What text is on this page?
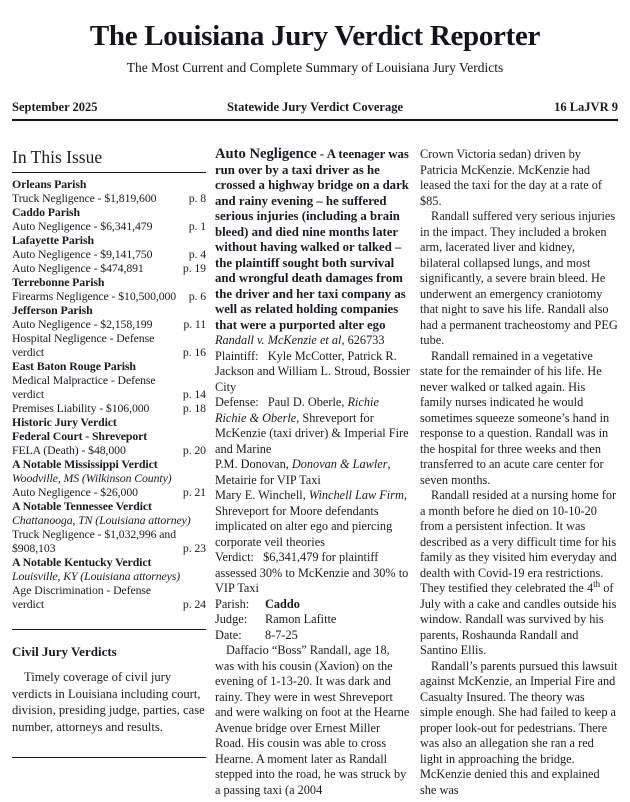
The Louisiana Jury Verdict Reporter

The Most Current and Complete Summary of Louisiana Jury Verdicts

September 2025	Statewide Jury Verdict Coverage	16 LaJVR 9
In This Issue
Orleans Parish
Truck Negligence - $1,819,600	p. 8
Caddo Parish
Auto Negligence - $6,341,479	p. 1
Lafayette Parish
Auto Negligence - $9,141,750	p. 4
Auto Negligence - $474,891	p. 19
Terrebonne Parish
Firearms Negligence - $10,500,000	p. 6
Jefferson Parish
Auto Negligence - $2,158,199	p. 11
Hospital Negligence - Defense verdict	p. 16
East Baton Rouge Parish
Medical Malpractice - Defense verdict	p. 14
Premises Liability - $106,000	p. 18
Historic Jury Verdict
Federal Court - Shreveport
FELA (Death) - $48,000	p. 20
A Notable Mississippi Verdict
Woodville, MS (Wilkinson County)
Auto Negligence - $26,000	p. 21
A Notable Tennessee Verdict
Chattanooga, TN (Louisiana attorney)
Truck Negligence - $1,032,996 and $908,103	p. 23
A Notable Kentucky Verdict
Louisville, KY (Louisiana attorneys)
Age Discrimination - Defense verdict	p. 24
Civil Jury Verdicts

Timely coverage of civil jury verdicts in Louisiana including court, division, presiding judge, parties, case number, attorneys and results.

Auto Negligence - A teenager was run over by a taxi driver as he crossed a highway bridge on a dark and rainy evening – he suffered serious injuries (including a brain bleed) and died nine months later without having walked or talked – the plaintiff sought both survival and wrongful death damages from the driver and her taxi company as well as related holding companies that were a purported alter ego

Randall v. McKenzie et al, 626733

Plaintiff:   Kyle McCotter, Patrick R. Jackson and William L. Stroud, Bossier City

Defense:   Paul D. Oberle, Richie Richie & Oberle, Shreveport for McKenzie (taxi driver) & Imperial Fire and Marine

P.M. Donovan, Donovan & Lawler, Metairie for VIP Taxi

Mary E. Winchell, Winchell Law Firm, Shreveport for Moore defendants implicated on alter ego and piercing corporate veil theories

Verdict:   $6,341,479 for plaintiff assessed 30% to McKenzie and 30% to VIP Taxi

Parish: Caddo

Judge: Ramon Lafitte

Date: 8-7-25

Daffacio “Boss” Randall, age 18, was with his cousin (Xavion) on the evening of 1-13-20. It was dark and rainy. They were in west Shreveport and were walking on foot at the Hearne Avenue bridge over Ernest Miller Road. His cousin was able to cross Hearne. A moment later as Randall stepped into the road, he was struck by a passing taxi (a 2004

Crown Victoria sedan) driven by Patricia McKenzie. McKenzie had leased the taxi for the day at a rate of $85.

Randall suffered very serious injuries in the impact. They included a broken arm, lacerated liver and kidney, bilateral collapsed lungs, and most significantly, a severe brain bleed. He underwent an emergency craniotomy that night to save his life. Randall also had a permanent tracheostomy and PEG tube.

Randall remained in a vegetative state for the remainder of his life. He never walked or talked again. His family nurses indicated he would sometimes squeeze someone’s hand in response to a question. Randall was in the hospital for three weeks and then transferred to an acute care center for seven months.

Randall resided at a nursing home for a month before he died on 10-10-20 from a persistent infection. It was described as a very difficult time for his family as they visited him everyday and dealth with Covid-19 era restrictions. They testified they celebrated the 4th of July with a cake and candles outside his window. Randall was survived by his parents, Roshaunda Randall and Santino Ellis.

Randall’s parents pursued this lawsuit against McKenzie, an Imperial Fire and Casualty Insured. The theory was simple enough. She had failed to keep a proper look-out for pedestrians. There was also an allegation she ran a red light in approaching the bridge. McKenzie denied this and explained she was
